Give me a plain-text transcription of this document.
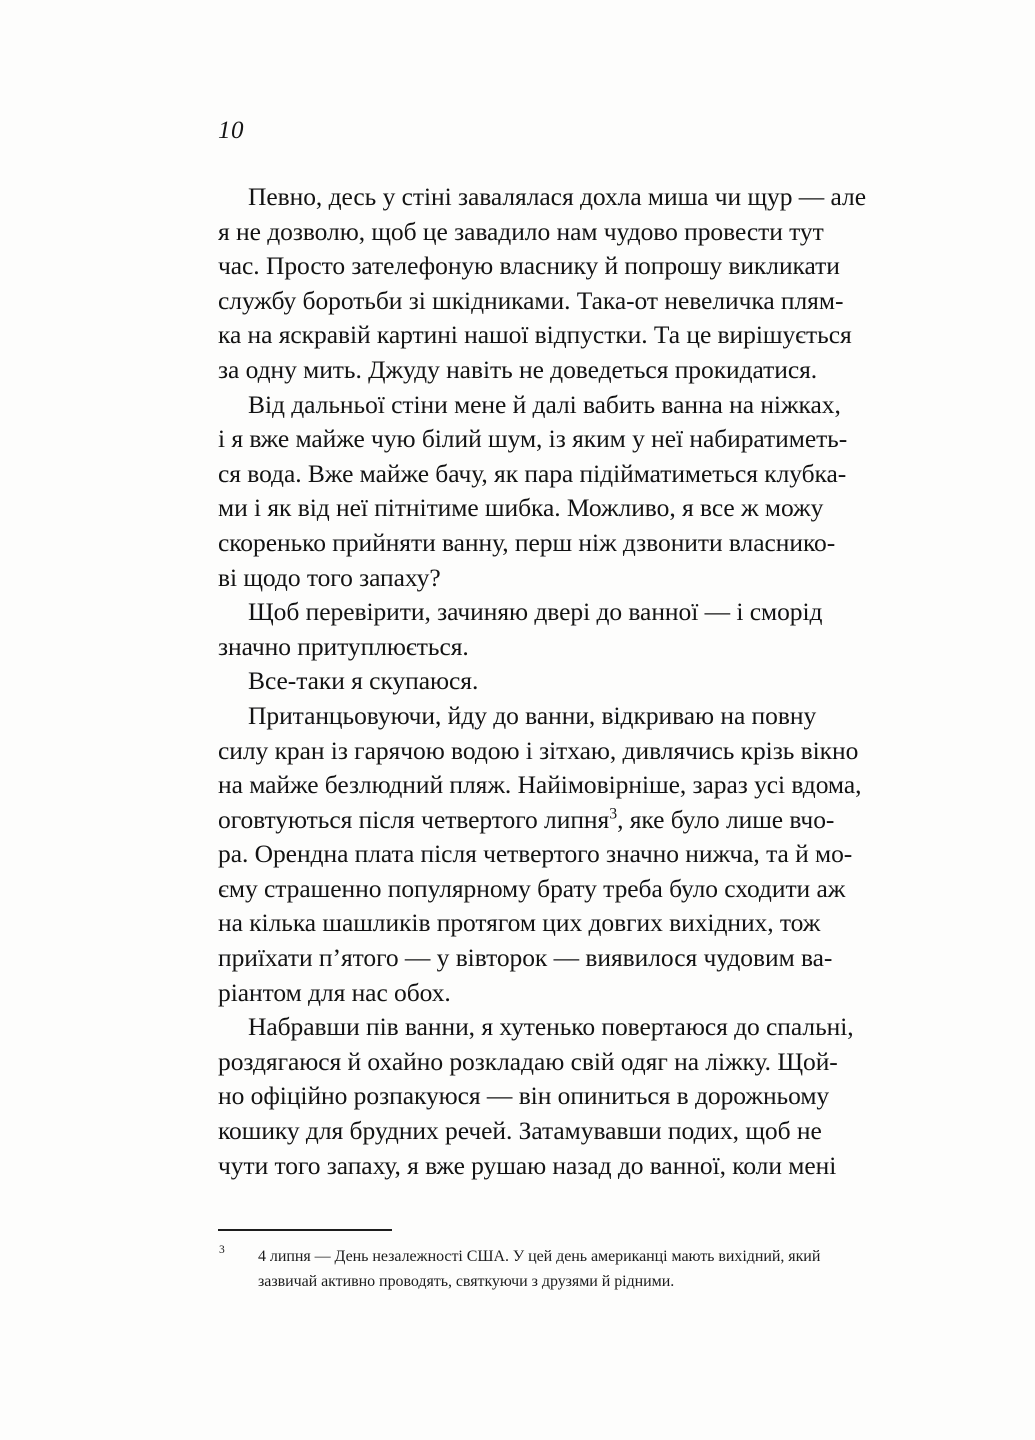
10
Певно, десь у стіні завалялася дохла миша чи щур — але
я не дозволю, щоб це завадило нам чудово провести тут
час. Просто зателефоную власнику й попрошу викликати
службу боротьби зі шкідниками. Така-от невеличка плям-
ка на яскравій картині нашої відпустки. Та це вирішується
за одну мить. Джуду навіть не доведеться прокидатися.
Від дальньої стіни мене й далі вабить ванна на ніжках,
і я вже майже чую білий шум, із яким у неї набиратимeть-
ся вода. Вже майже бачу, як пара підійматиметься клубка-
ми і як від неї пітнітиме шибка. Можливо, я все ж можу
скоренько прийняти ванну, перш ніж дзвонити власнико-
ві щодо того запаху?
Щоб перевірити, зачиняю двері до ванної — і сморід
значно притуплюється.
Все-таки я скупаюся.
Пританцьовуючи, йду до ванни, відкриваю на повну
силу кран із гарячою водою і зітхаю, дивлячись крізь вікно
на майже безлюдний пляж. Найімовірніше, зараз усі вдома,
оговтуються після четвертого липня$^3$, яке було лише вчо-
ра. Орендна плата після четвертого значно нижча, та й мо-
єму страшенно популярному брату треба було сходити аж
на кілька шашликів протягом цих довгих вихідних, тож
приїхати п’ятого — у вівторок — виявилося чудовим ва-
ріантом для нас обох.
Набравши пів ванни, я хутенько повертаюся до спальні,
роздягаюся й охайно розкладаю свій одяг на ліжку. Щой-
но офіційно розпакуюся — він опиниться в дорожньому
кошику для брудних речей. Затамувавши подих, щоб не
чути того запаху, я вже рушаю назад до ванної, коли мені
3 4 липня — День незалежності США. У цей день американці мають вихідний, який
зазвичай активно проводять, святкуючи з друзями й рідними.
